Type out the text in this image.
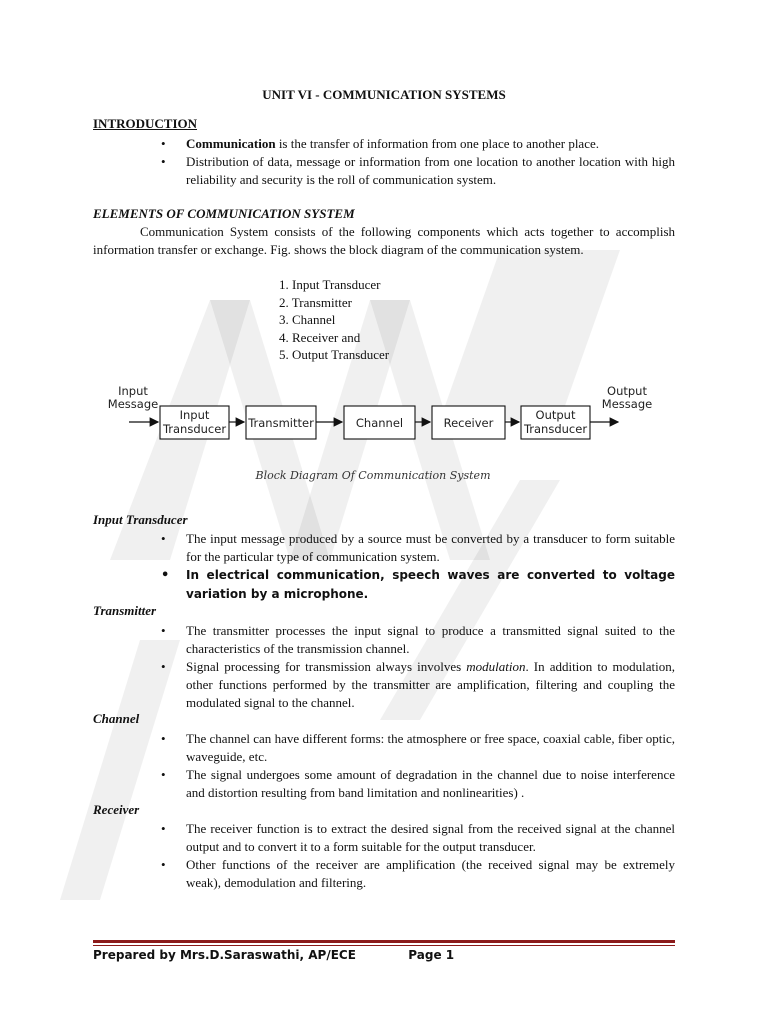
UNIT VI - COMMUNICATION SYSTEMS
INTRODUCTION
• Communication is the transfer of information from one place to another place.
• Distribution of data, message or information from one location to another location with high reliability and security is the roll of communication system.
ELEMENTS OF COMMUNICATION SYSTEM
Communication System consists of the following components which acts together to accomplish information transfer or exchange. Fig. shows the block diagram of the communication system.
1. Input Transducer
2. Transmitter
3. Channel
4. Receiver and
5. Output Transducer
Input
Message
Output
Message
Input
Transducer Transmitter	Channel	Receiver
Output
Transducer
Block Diagram Of Communication System
Input Transducer
• The input message produced by a source must be converted by a transducer to form suitable for the particular type of communication system.
• In electrical communication, speech waves are converted to voltage variation by a microphone.
Transmitter
• The transmitter processes the input signal to produce a transmitted signal suited to the characteristics of the transmission channel.
• Signal processing for transmission always involves modulation. In addition to modulation, other functions performed by the transmitter are amplification, filtering and coupling the modulated signal to the channel.
Channel
• The channel can have different forms: the atmosphere or free space, coaxial cable, fiber optic, waveguide, etc.
• The signal undergoes some amount of degradation in the channel due to noise interference and distortion resulting from band limitation and nonlinearities) .
Receiver
• The receiver function is to extract the desired signal from the received signal at the channel output and to convert it to a form suitable for the output transducer.
• Other functions of the receiver are amplification (the received signal may be extremely weak), demodulation and filtering.
Prepared by Mrs.D.Saraswathi, AP/ECE	Page 1
